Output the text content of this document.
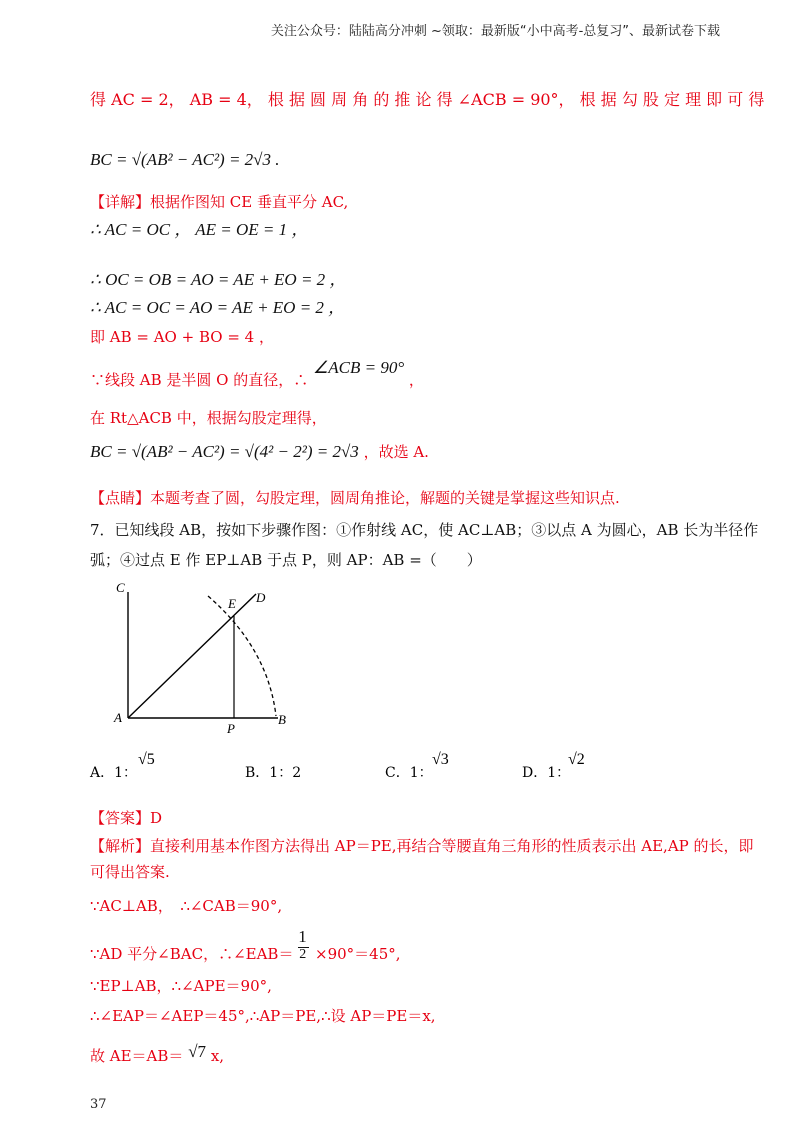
关注公众号：陆陆高分冲刺 ~领取：最新版“小中高考-总复习”、最新试卷下载
得 AC = 2， AB = 4， 根 据 圆 周 角 的 推 论 得 ∠ACB = 90°， 根 据 勾 股 定 理 即 可 得
BC = √(AB² − AC²) = 2√3 .
【详解】根据作图知 CE 垂直平分 AC,
∴ AC = OC ， AE = OE = 1 ，
∴ OC = OB = AO = AE + EO = 2 ，
∴ AC = OC = AO = AE + EO = 2 ，
即 AB = AO + BO = 4 ，
∵线段 AB 是半圆 O 的直径，∴ ∠ACB = 90° ，
在 Rt△ACB 中，根据勾股定理得，
BC = √(AB² − AC²) = √(4² − 2²) = 2√3 ，故选 A.
【点睛】本题考查了圆，勾股定理，圆周角推论，解题的关键是掌握这些知识点.
7．已知线段 AB，按如下步骤作图：①作射线 AC，使 AC⊥AB；③以点 A 为圆心，AB 长为半径作
弧；④过点 E 作 EP⊥AB 于点 P，则 AP：AB =（　　）
C
E D
A
P
B
A．1：
√5
B．1：2	C．1：
√3
D．1：
√2
【答案】D
【解析】直接利用基本作图方法得出 AP＝PE,再结合等腰直角三角形的性质表示出 AE,AP 的长，即
可得出答案.
∵AC⊥AB，　∴∠CAB＝90°,
∵AD 平分∠BAC，∴∠EAB＝
1
2 ×90°＝45°,
∵EP⊥AB，∴∠APE＝90°,
∴∠EAP＝∠AEP＝45°,∴AP＝PE,∴设 AP＝PE＝x,
故 AE＝AB＝ √7 x,
37
